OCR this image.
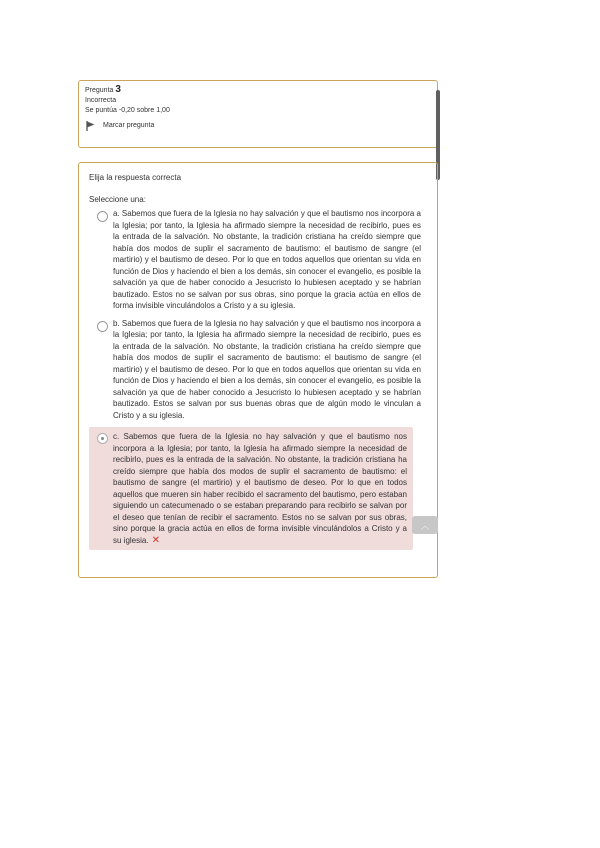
Pregunta 3
Incorrecta
Se puntúa -0,20 sobre 1,00
Marcar pregunta
Elija la respuesta correcta
Seleccione una:
a. Sabemos que fuera de la Iglesia no hay salvación y que el bautismo nos incorpora a la Iglesia; por tanto, la Iglesia ha afirmado siempre la necesidad de recibirlo, pues es la entrada de la salvación. No obstante, la tradición cristiana ha creído siempre que había dos modos de suplir el sacramento de bautismo: el bautismo de sangre (el martirio) y el bautismo de deseo. Por lo que en todos aquellos que orientan su vida en función de Dios y haciendo el bien a los demás, sin conocer el evangelio, es posible la salvación ya que de haber conocido a Jesucristo lo hubiesen aceptado y se habrían bautizado. Estos no se salvan por sus obras, sino porque la gracia actúa en ellos de forma invisible vinculándolos a Cristo y a su iglesia.
b. Sabemos que fuera de la Iglesia no hay salvación y que el bautismo nos incorpora a la Iglesia; por tanto, la Iglesia ha afirmado siempre la necesidad de recibirlo, pues es la entrada de la salvación. No obstante, la tradición cristiana ha creído siempre que había dos modos de suplir el sacramento de bautismo: el bautismo de sangre (el martirio) y el bautismo de deseo. Por lo que en todos aquellos que orientan su vida en función de Dios y haciendo el bien a los demás, sin conocer el evangelio, es posible la salvación ya que de haber conocido a Jesucristo lo hubiesen aceptado y se habrían bautizado. Estos se salvan por sus buenas obras que de algún modo le vinculan a Cristo y a su iglesia.
c. Sabemos que fuera de la Iglesia no hay salvación y que el bautismo nos incorpora a la Iglesia; por tanto, la Iglesia ha afirmado siempre la necesidad de recibirlo, pues es la entrada de la salvación. No obstante, la tradición cristiana ha creído siempre que había dos modos de suplir el sacramento de bautismo: el bautismo de sangre (el martirio) y el bautismo de deseo. Por lo que en todos aquellos que mueren sin haber recibido el sacramento del bautismo, pero estaban siguiendo un catecumenado o se estaban preparando para recibirlo se salvan por el deseo que tenían de recibir el sacramento. Estos no se salvan por sus obras, sino porque la gracia actúa en ellos de forma invisible vinculándolos a Cristo y a su iglesia. ✕
︿
